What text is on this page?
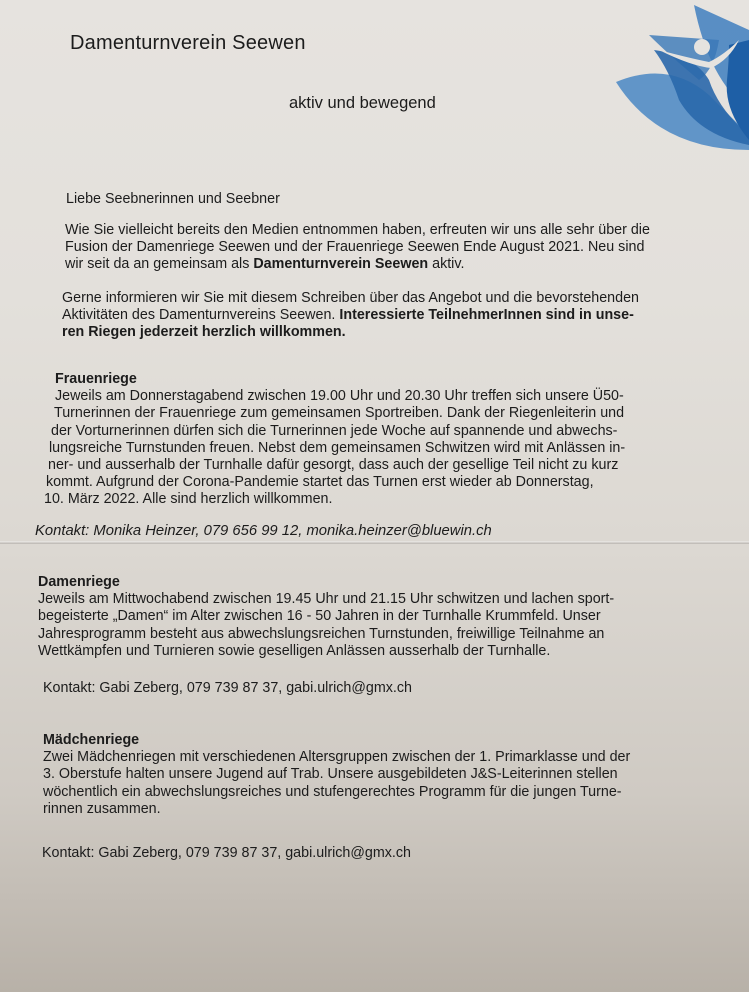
Damenturnverein Seewen
aktiv und bewegend
Liebe Seebnerinnen und Seebner

Wie Sie vielleicht bereits den Medien entnommen haben, erfreuten wir uns alle sehr über die

Fusion der Damenriege Seewen und der Frauenriege Seewen Ende August 2021. Neu sind

wir seit da an gemeinsam als Damenturnverein Seewen aktiv.

Gerne informieren wir Sie mit diesem Schreiben über das Angebot und die bevorstehenden

Aktivitäten des Damenturnvereins Seewen. Interessierte TeilnehmerInnen sind in unse-

ren Riegen jederzeit herzlich willkommen.

Frauenriege

Jeweils am Donnerstagabend zwischen 19.00 Uhr und 20.30 Uhr treffen sich unsere Ü50-

Turnerinnen der Frauenriege zum gemeinsamen Sportreiben. Dank der Riegenleiterin und

der Vorturnerinnen dürfen sich die Turnerinnen jede Woche auf spannende und abwechs-

lungsreiche Turnstunden freuen. Nebst dem gemeinsamen Schwitzen wird mit Anlässen in-

ner- und ausserhalb der Turnhalle dafür gesorgt, dass auch der gesellige Teil nicht zu kurz

kommt. Aufgrund der Corona-Pandemie startet das Turnen erst wieder ab Donnerstag,

10. März 2022. Alle sind herzlich willkommen.

Kontakt: Monika Heinzer, 079 656 99 12, monika.heinzer@bluewin.ch

Damenriege

Jeweils am Mittwochabend zwischen 19.45 Uhr und 21.15 Uhr schwitzen und lachen sport-

begeisterte „Damen“ im Alter zwischen 16 - 50 Jahren in der Turnhalle Krummfeld. Unser

Jahresprogramm besteht aus abwechslungsreichen Turnstunden, freiwillige Teilnahme an

Wettkämpfen und Turnieren sowie geselligen Anlässen ausserhalb der Turnhalle.

Kontakt: Gabi Zeberg, 079 739 87 37, gabi.ulrich@gmx.ch

Mädchenriege

Zwei Mädchenriegen mit verschiedenen Altersgruppen zwischen der 1. Primarklasse und der

3. Oberstufe halten unsere Jugend auf Trab. Unsere ausgebildeten J&S-Leiterinnen stellen

wöchentlich ein abwechslungsreiches und stufengerechtes Programm für die jungen Turne-

rinnen zusammen.

Kontakt: Gabi Zeberg, 079 739 87 37, gabi.ulrich@gmx.ch
